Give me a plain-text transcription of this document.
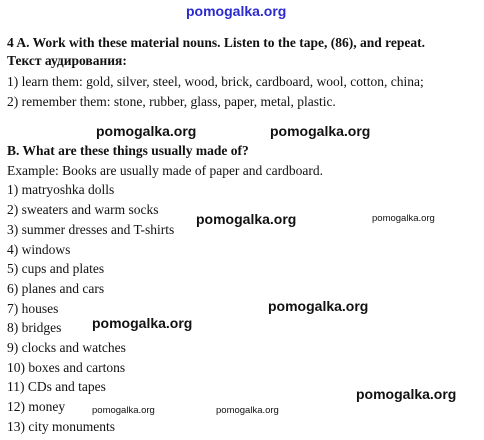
pomogalka.org
4 A. Work with these material nouns. Listen to the tape, (86), and repeat.
Текст аудирования:
1) learn them: gold, silver, steel, wood, brick, cardboard, wool, cotton, china;
2) remember them: stone, rubber, glass, paper, metal, plastic.
pomogalka.org	pomogalka.org
B. What are these things usually made of?
Example: Books are usually made of paper and cardboard.
1) matryoshka dolls
2) sweaters and warm socks
3) summer dresses and T-shirts
4) windows
5) cups and plates
6) planes and cars
7) houses
8) bridges
9) clocks and watches
10) boxes and cartons
11) CDs and tapes
12) money
13) city monuments
pomogalka.org	pomogalka.org
pomogalka.org
pomogalka.org
pomogalka.org
pomogalka.org	pomogalka.org
